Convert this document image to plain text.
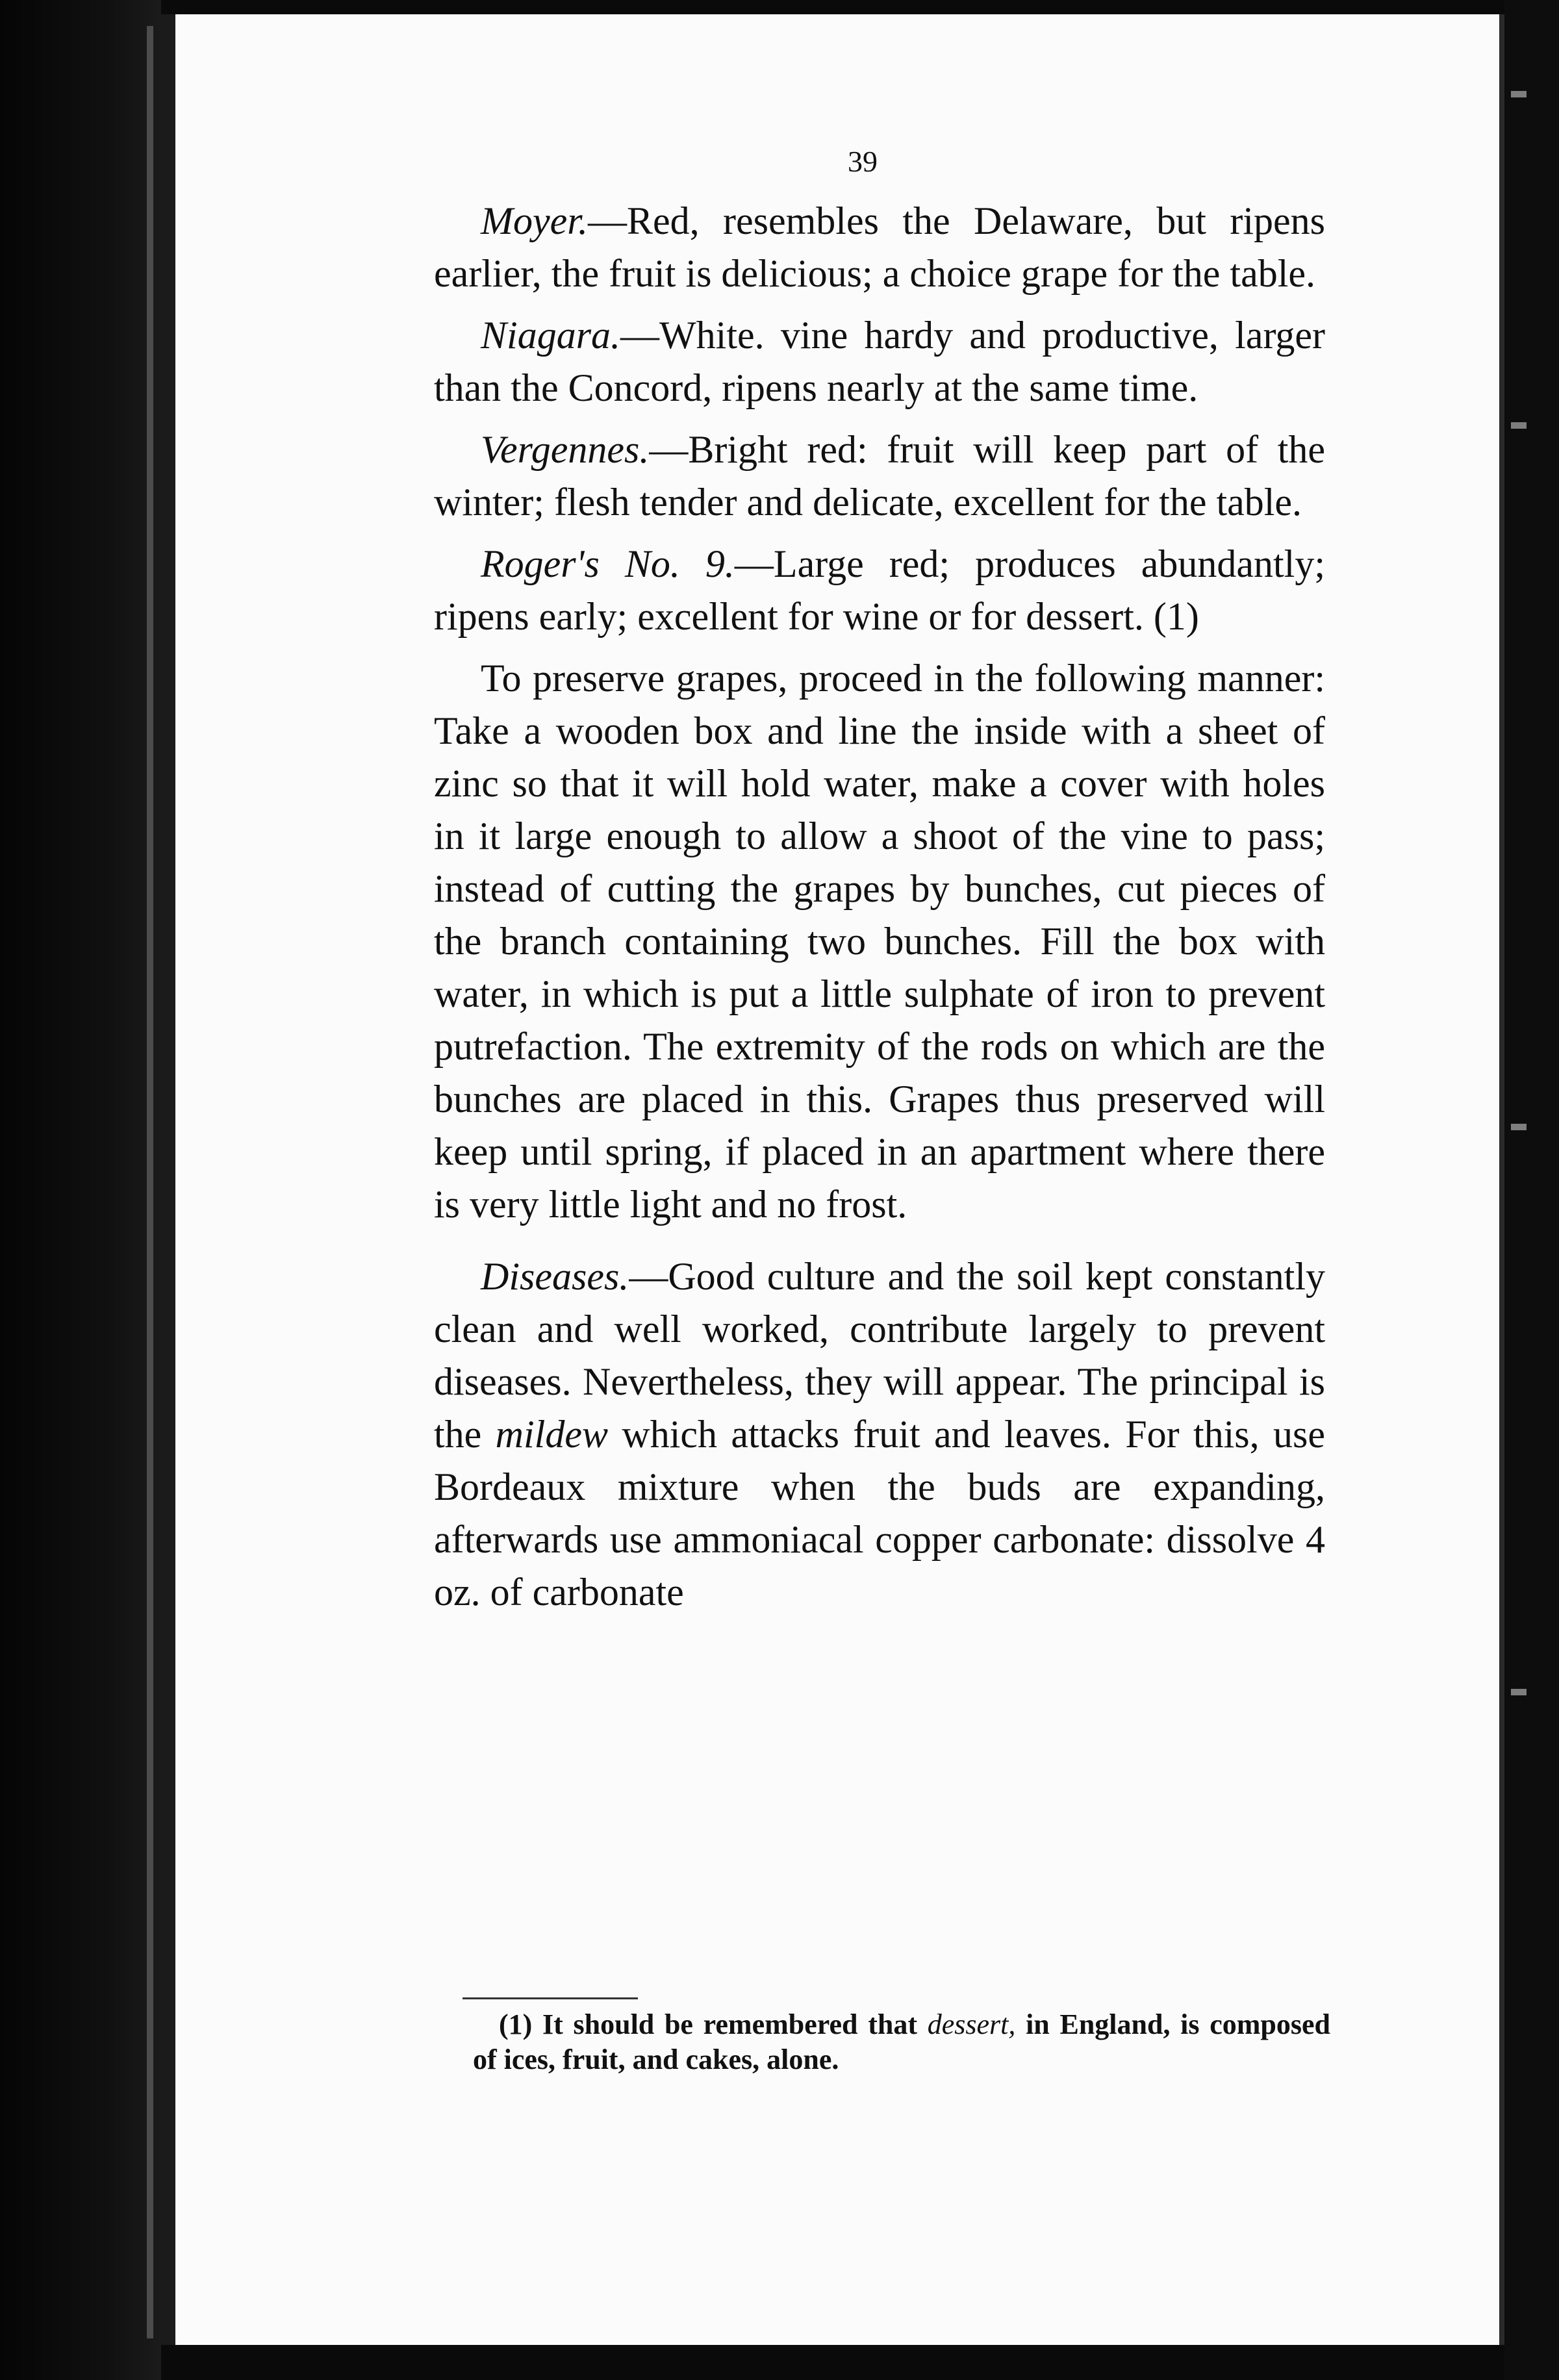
39

Moyer.—Red, resembles the Delaware, but ripens earlier, the fruit is delicious; a choice grape for the table.

Niagara.—White. vine hardy and productive, larger than the Concord, ripens nearly at the same time.

Vergennes.—Bright red: fruit will keep part of the winter; flesh tender and delicate, excellent for the table.

Roger's No. 9.—Large red; produces abundantly; ripens early; excellent for wine or for dessert. (1)

To preserve grapes, proceed in the following manner: Take a wooden box and line the inside with a sheet of zinc so that it will hold water, make a cover with holes in it large enough to allow a shoot of the vine to pass; instead of cutting the grapes by bunches, cut pieces of the branch containing two bunches. Fill the box with water, in which is put a little sulphate of iron to prevent putrefaction. The extremity of the rods on which are the bunches are placed in this. Grapes thus preserved will keep until spring, if placed in an apartment where there is very little light and no frost.

Diseases.—Good culture and the soil kept constantly clean and well worked, contribute largely to prevent diseases. Nevertheless, they will appear. The principal is the mildew which attacks fruit and leaves. For this, use Bordeaux mixture when the buds are expanding, afterwards use ammoniacal copper carbonate: dissolve 4 oz. of carbonate

(1) It should be remembered that dessert, in England, is composed of ices, fruit, and cakes, alone.
